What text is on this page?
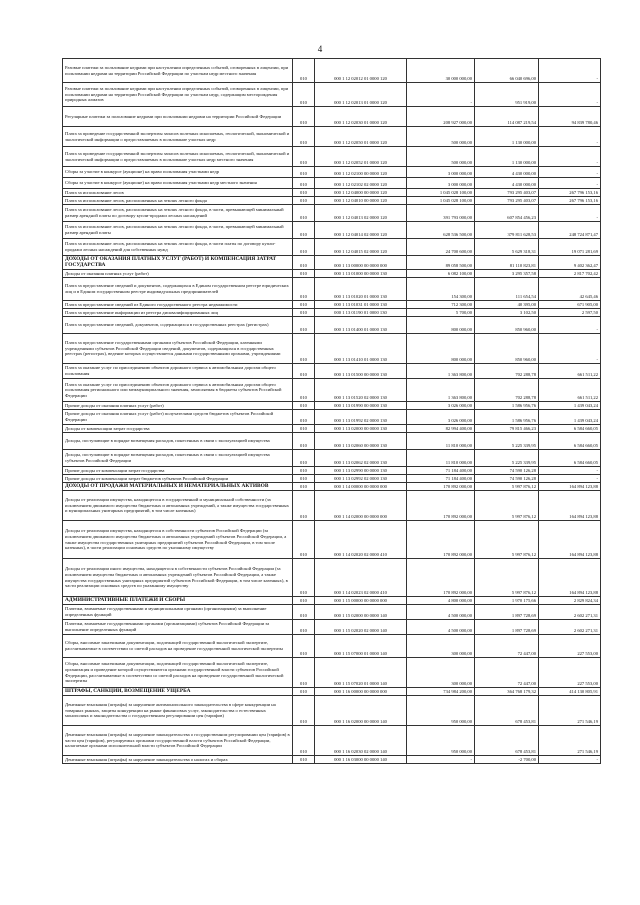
4
Разовые платежи за пользование недрами при наступлении определенных событий, оговоренных в лицензии, при пользовании недрами на территории Российской Федерации по участкам недр местного значения	010	000 1 12 02012 01 0000 120	30 000 000,00	66 040 696,00	-
Разовые платежи за пользование недрами при наступлении определенных событий, оговоренных в лицензии, при пользовании недрами на территории Российской Федерации по участкам недр, содержащим месторождения природных алмазов	010	000 1 12 02013 01 0000 120	-	951 919,00	-
Регулярные платежи за пользование недрами при пользовании недрами на территории Российской Федерации	010	000 1 12 02030 01 0000 120	208 927 000,00	114 087 219,54	94 839 780,46
Плата за проведение государственной экспертизы запасов полезных ископаемых, геологической, экономической и экологической информации о предоставляемых в пользование участках недр	010	000 1 12 02050 01 0000 120	500 000,00	1 130 000,00	-
Плата за проведение государственной экспертизы запасов полезных ископаемых, геологической, экономической и экологической информации о предоставляемых в пользование участках недр местного значения	010	000 1 12 02052 01 0000 120	500 000,00	1 130 000,00	-
Сборы за участие в конкурсе (аукционе) на право пользования участками недр	010	000 1 12 02100 00 0000 120	3 000 000,00	4 430 000,00	-
Сборы за участие в конкурсе (аукционе) на право пользования участками недр местного значения	010	000 1 12 02102 02 0000 120	3 000 000,00	4 430 000,00	-
Плата за использование лесов	010	000 1 12 04000 00 0000 120	1 045 028 100,00	793 295 403,07	267 796 153,16
Плата за использование лесов, расположенных на землях лесного фонда	010	000 1 12 04010 00 0000 120	1 045 028 100,00	793 295 403,07	267 796 153,16
Плата за использование лесов, расположенных на землях лесного фонда, в части, превышающей минимальный размер арендной платы по договору купли-продажи лесных насаждений	010	000 1 12 04013 02 0000 120	391 793 000,00	607 854 456,23	-
Плата за использование лесов, расположенных на землях лесного фонда, в части, превышающей минимальный размер арендной платы	010	000 1 12 04014 02 0000 120	628 536 500,00	379 811 628,53	248 724 871,47
Плата за использование лесов, расположенных на землях лесного фонда, в части платы по договору купли-продажи лесных насаждений для собственных нужд	010	000 1 12 04015 02 0000 120	24 700 600,00	5 629 318,31	19 071 281,69
ДОХОДЫ ОТ ОКАЗАНИЯ ПЛАТНЫХ УСЛУГ (РАБОТ) И КОМПЕНСАЦИЯ ЗАТРАТ ГОСУДАРСТВА	010	000 1 13 00000 00 0000 000	89 058 500,00	81 110 823,81	9 402 362,47
Доходы от оказания платных услуг (работ)	010	000 1 13 01000 00 0000 130	6 082 100,00	3 295 357,58	2 817 702,42
Плата за предоставление сведений и документов, содержащихся в Едином государственном реестре юридических лиц и в Едином государственном реестре индивидуальных предпринимателей	010	000 1 13 01020 01 0000 130	154 300,00	111 654,54	42 645,46
Плата за предоставление сведений из Единого государственного реестра недвижимости	010	000 1 13 01031 01 0000 130	712 300,00	40 395,00	671 905,00
Плата за предоставление информации из реестра дисквалифицированных лиц	010	000 1 13 01190 01 0000 130	5 700,00	3 102,50	2 597,50
Плата за предоставление сведений, документов, содержащихся в государственных реестрах (регистрах)	010	000 1 13 01400 01 0000 130	800 000,00	850 960,00	-
Плата за предоставление государственными органами субъектов Российской Федерации, казенными учреждениями субъектов Российской Федерации сведений, документов, содержащихся в государственных реестрах (регистрах), ведение которых осуществляется данными государственными органами, учреждениями	010	000 1 13 01410 01 0000 130	800 000,00	850 960,00	-
Плата за оказание услуг по присоединению объектов дорожного сервиса к автомобильным дорогам общего пользования	010	000 1 13 01500 00 0000 130	1 363 800,00	702 288,78	661 511,22
Плата за оказание услуг по присоединению объектов дорожного сервиса к автомобильным дорогам общего пользования регионального или межмуниципального значения, зачисляемая в бюджеты субъектов Российской Федерации	010	000 1 13 01520 02 0000 130	1 363 800,00	702 288,78	661 511,22
Прочие доходы от оказания платных услуг (работ)	010	000 1 13 01990 00 0000 130	3 026 000,00	1 586 956,76	1 439 043,24
Прочие доходы от оказания платных услуг (работ) получателями средств бюджетов субъектов Российской Федерации	010	000 1 13 01992 02 0000 130	3 026 000,00	1 586 956,76	1 439 043,24
Доходы от компенсации затрат государства	010	000 1 13 02000 00 0000 130	82 994 400,00	79 815 466,23	6 584 660,05
Доходы, поступающие в порядке возмещения расходов, понесенных в связи с эксплуатацией имущества	010	000 1 13 02060 00 0000 130	11 810 000,00	5 225 339,95	6 584 660,05
Доходы, поступающие в порядке возмещения расходов, понесенных в связи с эксплуатацией имущества субъектов Российской Федерации	010	000 1 13 02062 02 0000 130	11 810 000,00	5 225 339,95	6 584 660,05
Прочие доходы от компенсации затрат государства	010	000 1 13 02990 00 0000 130	71 184 400,00	74 590 126,28	-
Прочие доходы от компенсации затрат бюджетов субъектов Российской Федерации	010	000 1 13 02992 02 0000 130	71 184 400,00	74 590 126,28	-
ДОХОДЫ ОТ ПРОДАЖИ МАТЕРИАЛЬНЫХ И НЕМАТЕРИАЛЬНЫХ АКТИВОВ	010	000 1 14 00000 00 0000 000	170 892 000,00	5 997 876,12	164 894 123,88
Доходы от реализации имущества, находящегося в государственной и муниципальной собственности (за исключением движимого имущества бюджетных и автономных учреждений, а также имущества государственных и муниципальных унитарных предприятий, в том числе казенных)	010	000 1 14 02000 00 0000 000	170 892 000,00	5 997 876,12	164 894 123,88
Доходы от реализации имущества, находящегося в собственности субъектов Российской Федерации (за исключением движимого имущества бюджетных и автономных учреждений субъектов Российской Федерации, а также имущества государственных унитарных предприятий субъектов Российской Федерации, в том числе казенных), в части реализации основных средств по указанному имуществу	010	000 1 14 02020 02 0000 410	170 892 000,00	5 997 876,12	164 894 123,88
Доходы от реализации иного имущества, находящегося в собственности субъектов Российской Федерации (за исключением имущества бюджетных и автономных учреждений субъектов Российской Федерации, а также имущества государственных унитарных предприятий субъектов Российской Федерации, в том числе казенных), в части реализации основных средств по указанному имуществу	010	000 1 14 02023 02 0000 410	170 892 000,00	5 997 876,12	164 894 123,88
АДМИНИСТРАТИВНЫЕ ПЛАТЕЖИ И СБОРЫ	010	000 1 15 00000 00 0000 000	4 800 000,00	1 970 175,66	2 829 824,34
Платежи, взимаемые государственными и муниципальными органами (организациями) за выполнение определенных функций	010	000 1 15 02000 00 0000 140	4 500 000,00	1 897 728,69	2 602 271,31
Платежи, взимаемые государственными органами (организациями) субъектов Российской Федерации за выполнение определенных функций	010	000 1 15 02020 02 0000 140	4 500 000,00	1 897 728,69	2 602 271,31
Сборы, вносимые заказчиками документации, подлежащей государственной экологической экспертизе, рассчитываемые в соответствии со сметой расходов на проведение государственной экологической экспертизы	010	000 1 15 07000 01 0000 140	300 000,00	72 447,00	227 553,00
Сборы, вносимые заказчиками документации, подлежащей государственной экологической экспертизе, организация и проведение которой осуществляются органами государственной власти субъектов Российской Федерации, рассчитываемые в соответствии со сметой расходов на проведение государственной экологической экспертизы	010	000 1 15 07020 01 0000 140	300 000,00	72 447,00	227 553,00
ШТРАФЫ, САНКЦИИ, ВОЗМЕЩЕНИЕ УЩЕРБА	010	000 1 16 00000 00 0000 000	734 984 200,00	364 768 179,32	414 130 805,91
Денежные взыскания (штрафы) за нарушение антимонопольного законодательства в сфере конкуренции на товарных рынках, защиты конкуренции на рынке финансовых услуг, законодательства о естественных монополиях и законодательства о государственном регулировании цен (тарифов)	010	000 1 16 02000 00 0000 140	950 000,00	678 453,81	271 546,19
Денежные взыскания (штрафы) за нарушение законодательства о государственном регулировании цен (тарифов) в части цен (тарифов), регулируемых органами государственной власти субъектов Российской Федерации, налагаемые органами исполнительной власти субъектов Российской Федерации	010	000 1 16 02030 02 0000 140	950 000,00	678 453,81	271 546,19
Денежные взыскания (штрафы) за нарушение законодательства о налогах и сборах	010	000 1 16 03000 00 0000 140	-	-2 700,00	-
